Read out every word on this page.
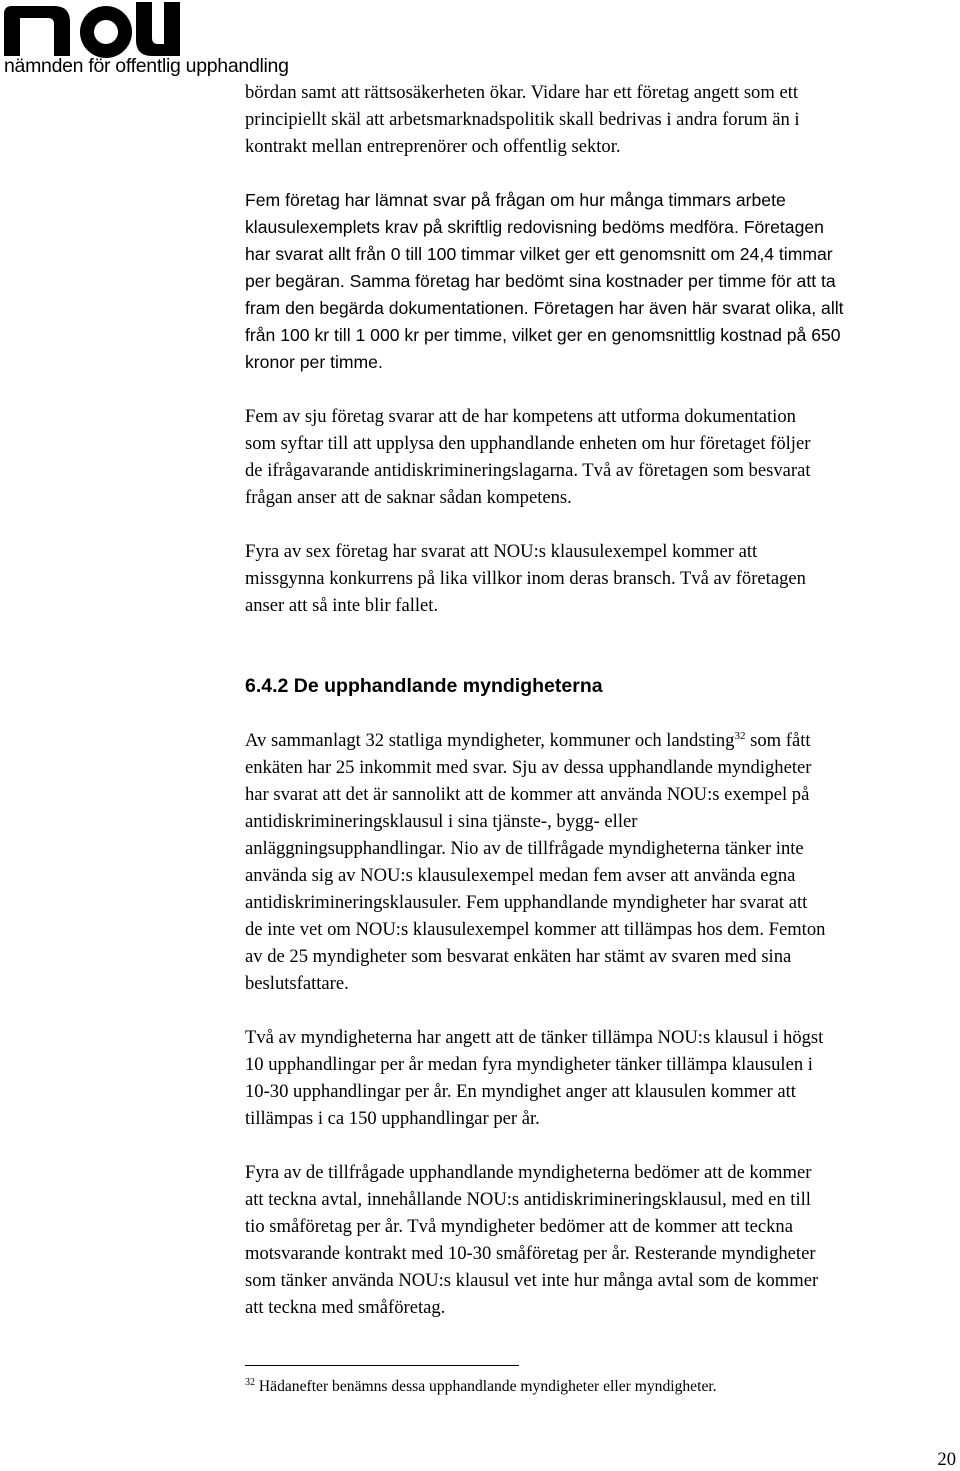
nämnden för offentlig upphandling

bördan samt att rättsosäkerheten ökar. Vidare har ett företag angett som ett
principiellt skäl att arbetsmarknadspolitik skall bedrivas i andra forum än i
kontrakt mellan entreprenörer och offentlig sektor.

Fem företag har lämnat svar på frågan om hur många timmars arbete
klausulexemplets krav på skriftlig redovisning bedöms medföra. Företagen
har svarat allt från 0 till 100 timmar vilket ger ett genomsnitt om 24,4 timmar
per begäran. Samma företag har bedömt sina kostnader per timme för att ta
fram den begärda dokumentationen. Företagen har även här svarat olika, allt
från 100 kr till 1 000 kr per timme, vilket ger en genomsnittlig kostnad på 650
kronor per timme.

Fem av sju företag svarar att de har kompetens att utforma dokumentation
som syftar till att upplysa den upphandlande enheten om hur företaget följer
de ifrågavarande antidiskrimineringslagarna. Två av företagen som besvarat
frågan anser att de saknar sådan kompetens.

Fyra av sex företag har svarat att NOU:s klausulexempel kommer att
missgynna konkurrens på lika villkor inom deras bransch. Två av företagen
anser att så inte blir fallet.

6.4.2 De upphandlande myndigheterna

Av sammanlagt 32 statliga myndigheter, kommuner och landsting$^{32}$ som fått
enkäten har 25 inkommit med svar. Sju av dessa upphandlande myndigheter
har svarat att det är sannolikt att de kommer att använda NOU:s exempel på
antidiskrimineringsklausul i sina tjänste-, bygg- eller
anläggningsupphandlingar. Nio av de tillfrågade myndigheterna tänker inte
använda sig av NOU:s klausulexempel medan fem avser att använda egna
antidiskrimineringsklausuler. Fem upphandlande myndigheter har svarat att
de inte vet om NOU:s klausulexempel kommer att tillämpas hos dem. Femton
av de 25 myndigheter som besvarat enkäten har stämt av svaren med sina
beslutsfattare.

Två av myndigheterna har angett att de tänker tillämpa NOU:s klausul i högst
10 upphandlingar per år medan fyra myndigheter tänker tillämpa klausulen i
10-30 upphandlingar per år. En myndighet anger att klausulen kommer att
tillämpas i ca 150 upphandlingar per år.

Fyra av de tillfrågade upphandlande myndigheterna bedömer att de kommer
att teckna avtal, innehållande NOU:s antidiskrimineringsklausul, med en till
tio småföretag per år. Två myndigheter bedömer att de kommer att teckna
motsvarande kontrakt med 10-30 småföretag per år. Resterande myndigheter
som tänker använda NOU:s klausul vet inte hur många avtal som de kommer
att teckna med småföretag.

$^{32}$ Hädanefter benämns dessa upphandlande myndigheter eller myndigheter.
20
